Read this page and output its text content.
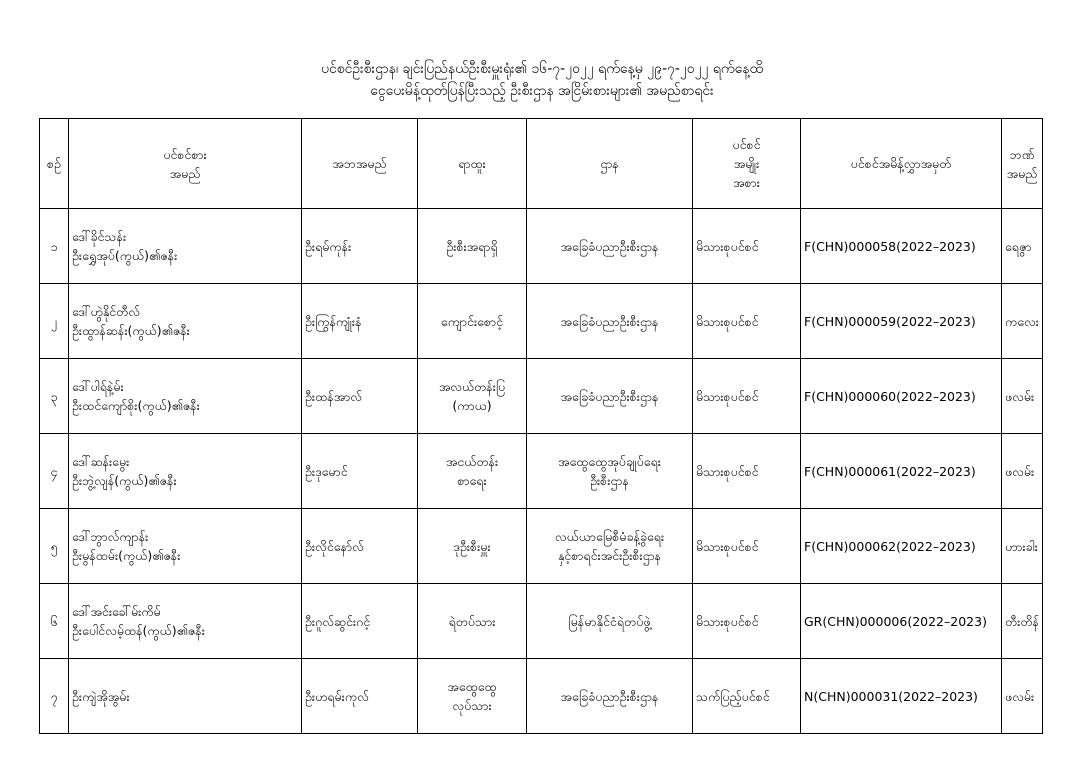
ပင်စင်ဦးစီးဌာန၊ ချင်းပြည်နယ်ဦးစီးမှူးရုံး၏ ၁၆-၇-၂၀၂၂ ရက်နေ့မှ ၂၉-၇-၂၀၂၂ ရက်နေ့ထိ
ငွေပေးမိန့်ထုတ်ပြန်ပြီးသည့် ဦးစီးဌာန အငြိမ်းစားများ၏ အမည်စာရင်း
စဉ်	ပင်စင်စား
အမည်	အဘအမည်	ရာထူး	ဌာန	ပင်စင်
အမျိုး
အစား	ပင်စင်အမိန့်လွှာအမှတ်	ဘဏ်
အမည်

၁	ဒေါ်ခိုင်သန်း
ဦးရွှေအုပ်(ကွယ်)၏ဇနီး	ဦးရမ်ကုန်း	ဦးစီးအရာရှိ	အခြေခံပညာဦးစီးဌာန	မိသားစုပင်စင်	F(CHN)000058(2022–2023)	ရေဇွာ
၂	ဒေါ်ဟွဲနိုင်တီလ်
ဦးထွာန်ဆန်း(ကွယ်)၏ဇနီး	ဦးကြွန်ကျုံးနံ	ကျောင်းစောင့်	အခြေခံပညာဦးစီးဌာန	မိသားစုပင်စင်	F(CHN)000059(2022–2023)	ကလေး
၃	ဒေါ်ပါရ်နဲ့မ်း
ဦးထင်ကျော်စိုး(ကွယ်)၏ဇနီး	ဦးထန်အာလ်	အလယ်တန်းပြ
(ကာယ)	အခြေခံပညာဦးစီးဌာန	မိသားစုပင်စင်	F(CHN)000060(2022–2023)	ဖလမ်း
၄	ဒေါ်ဆန်းမွေး
ဦးဘွဲ့လျန်(ကွယ်)၏ဇနီး	ဦးဒုမောင်	အငယ်တန်း
စာရေး	အထွေထွေအုပ်ချုပ်ရေး
ဦးစီးဌာန	မိသားစုပင်စင်	F(CHN)000061(2022–2023)	ဖလမ်း
၅	ဒေါ်ဘွာလ်ကျာန်း
ဦးမွန်ထမ်း(ကွယ်)၏ဇနီး	ဦးလိုင်နော်လ်	ဒုဦးစီးမှူး	လယ်ယာမြေစီမံခန့်ခွဲရေး
နှင့်စာရင်းအင်းဦးစီးဌာန	မိသားစုပင်စင်	F(CHN)000062(2022–2023)	ဟားခါး
၆	ဒေါ်အင်းခေါ်မ်းကိမ်
ဦးပေါင်လမ့်ထန်(ကွယ်)၏ဇနီး	ဦးဂူလ်ဆွင်းဂင့်	ရဲတပ်သား	မြန်မာနိုင်ငံရဲတပ်ဖွဲ့	မိသားစုပင်စင်	GR(CHN)000006(2022–2023)	တီးတိန်
၇	ဦးကျဲအိုအွမ်း	ဦးဟရမ်းကုလ်	အထွေထွေ
လုပ်သား	အခြေခံပညာဦးစီးဌာန	သက်ပြည့်ပင်စင်	N(CHN)000031(2022–2023)	ဖလမ်း
